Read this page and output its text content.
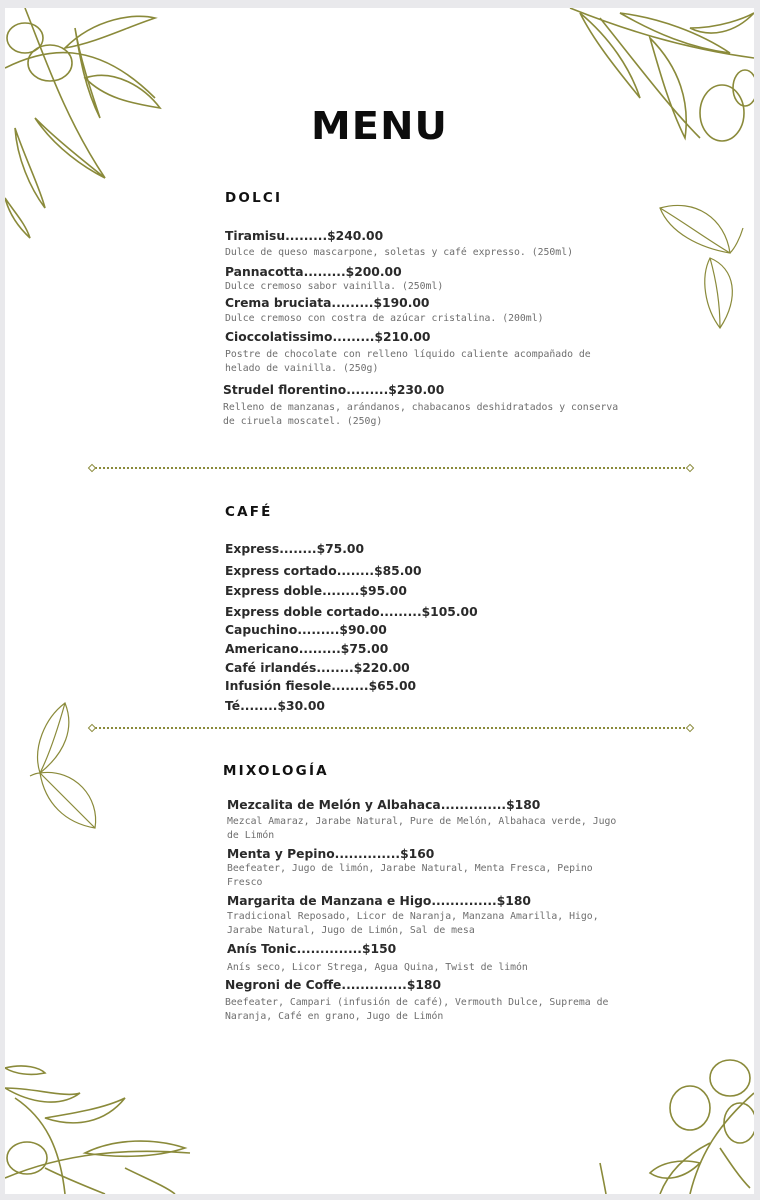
MENU
DOLCI
Tiramisu.........$240.00
Dulce de queso mascarpone, soletas y café expresso. (250ml)
Pannacotta.........$200.00
Dulce cremoso sabor vainilla. (250ml)
Crema bruciata.........$190.00
Dulce cremoso con costra de azúcar cristalina. (200ml)
Cioccolatissimo.........$210.00
Postre de chocolate con relleno líquido caliente acompañado de helado de vainilla. (250g)
Strudel florentino.........$230.00
Relleno de manzanas, arándanos, chabacanos deshidratados y conserva de ciruela moscatel. (250g)
CAFÉ
Express........$75.00
Express cortado........$85.00
Express doble........$95.00
Express doble cortado.........$105.00
Capuchino.........$90.00
Americano.........$75.00
Café irlandés........$220.00
Infusión fiesole........$65.00
Té........$30.00
MIXOLOGÍA
Mezcalita de Melón y Albahaca..............$180
Mezcal Amaraz, Jarabe Natural, Pure de Melón, Albahaca verde, Jugo de Limón
Menta y Pepino..............$160
Beefeater, Jugo de limón, Jarabe Natural, Menta Fresca, Pepino Fresco
Margarita de Manzana e Higo..............$180
Tradicional Reposado, Licor de Naranja, Manzana Amarilla, Higo, Jarabe Natural, Jugo de Limón, Sal de mesa
Anís Tonic..............$150
Anís seco, Licor Strega, Agua Quina, Twist de limón
Negroni de Coffe..............$180
Beefeater, Campari (infusión de café), Vermouth Dulce, Suprema de Naranja, Café en grano, Jugo de Limón
